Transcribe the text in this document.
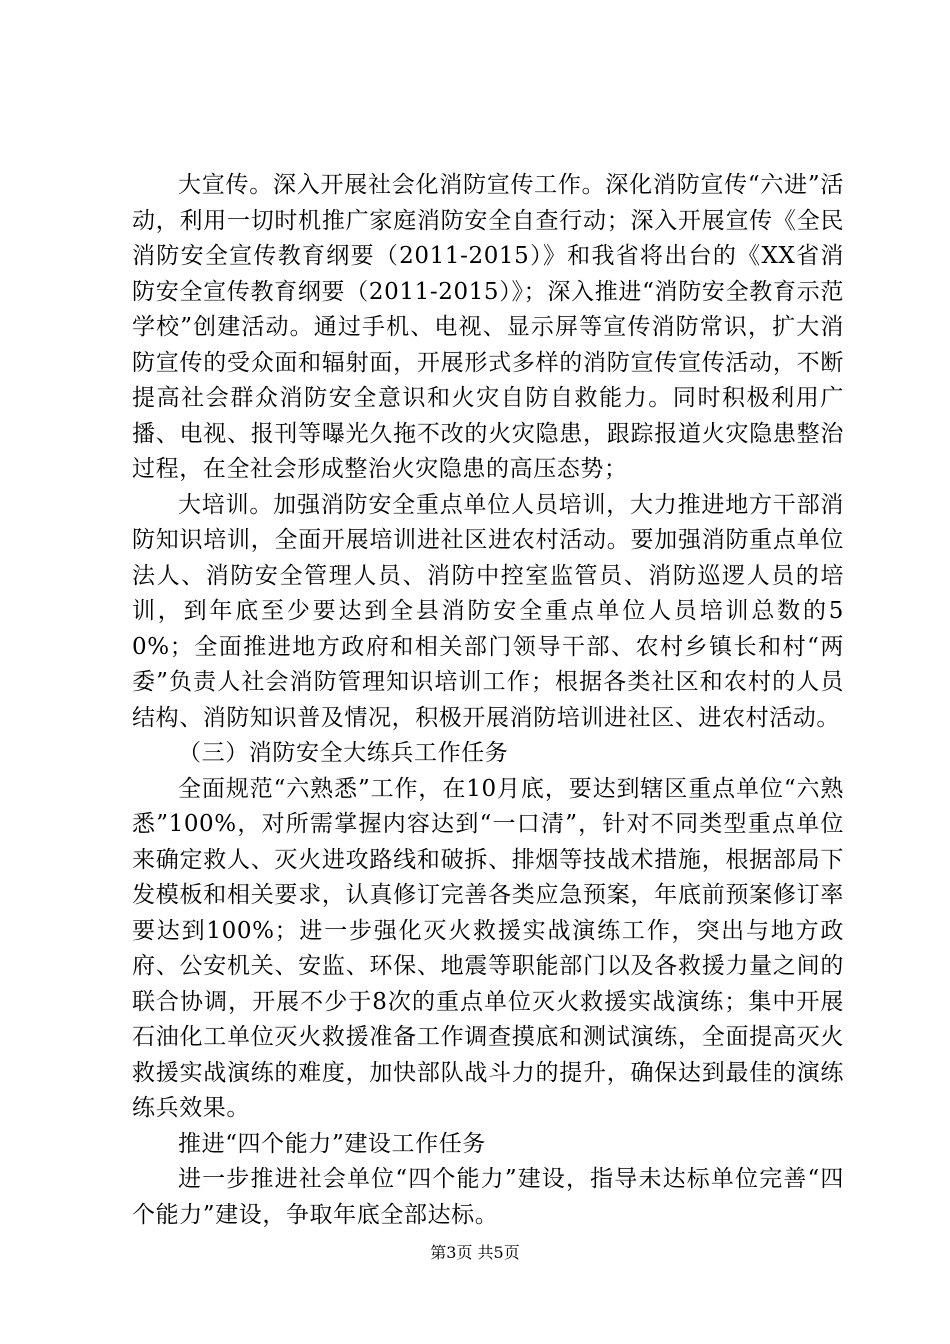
大宣传。深入开展社会化消防宣传工作。深化消防宣传“六进”活动，利用一切时机推广家庭消防安全自查行动；深入开展宣传《全民消防安全宣传教育纲要（2011-2015）》和我省将出台的《XX省消防安全宣传教育纲要（2011-2015）》；深入推进“消防安全教育示范学校”创建活动。通过手机、电视、显示屏等宣传消防常识，扩大消防宣传的受众面和辐射面，开展形式多样的消防宣传宣传活动，不断提高社会群众消防安全意识和火灾自防自救能力。同时积极利用广播、电视、报刊等曝光久拖不改的火灾隐患，跟踪报道火灾隐患整治过程，在全社会形成整治火灾隐患的高压态势；

大培训。加强消防安全重点单位人员培训，大力推进地方干部消防知识培训，全面开展培训进社区进农村活动。要加强消防重点单位法人、消防安全管理人员、消防中控室监管员、消防巡逻人员的培训，到年底至少要达到全县消防安全重点单位人员培训总数的50%；全面推进地方政府和相关部门领导干部、农村乡镇长和村“两委”负责人社会消防管理知识培训工作；根据各类社区和农村的人员结构、消防知识普及情况，积极开展消防培训进社区、进农村活动。

（三）消防安全大练兵工作任务

全面规范“六熟悉”工作，在10月底，要达到辖区重点单位“六熟悉”100%，对所需掌握内容达到“一口清”，针对不同类型重点单位来确定救人、灭火进攻路线和破拆、排烟等技战术措施，根据部局下发模板和相关要求，认真修订完善各类应急预案，年底前预案修订率要达到100%；进一步强化灭火救援实战演练工作，突出与地方政府、公安机关、安监、环保、地震等职能部门以及各救援力量之间的联合协调，开展不少于8次的重点单位灭火救援实战演练；集中开展石油化工单位灭火救援准备工作调查摸底和测试演练，全面提高灭火救援实战演练的难度，加快部队战斗力的提升，确保达到最佳的演练练兵效果。

推进“四个能力”建设工作任务

进一步推进社会单位“四个能力”建设，指导未达标单位完善“四个能力”建设，争取年底全部达标。

第3页 共5页
